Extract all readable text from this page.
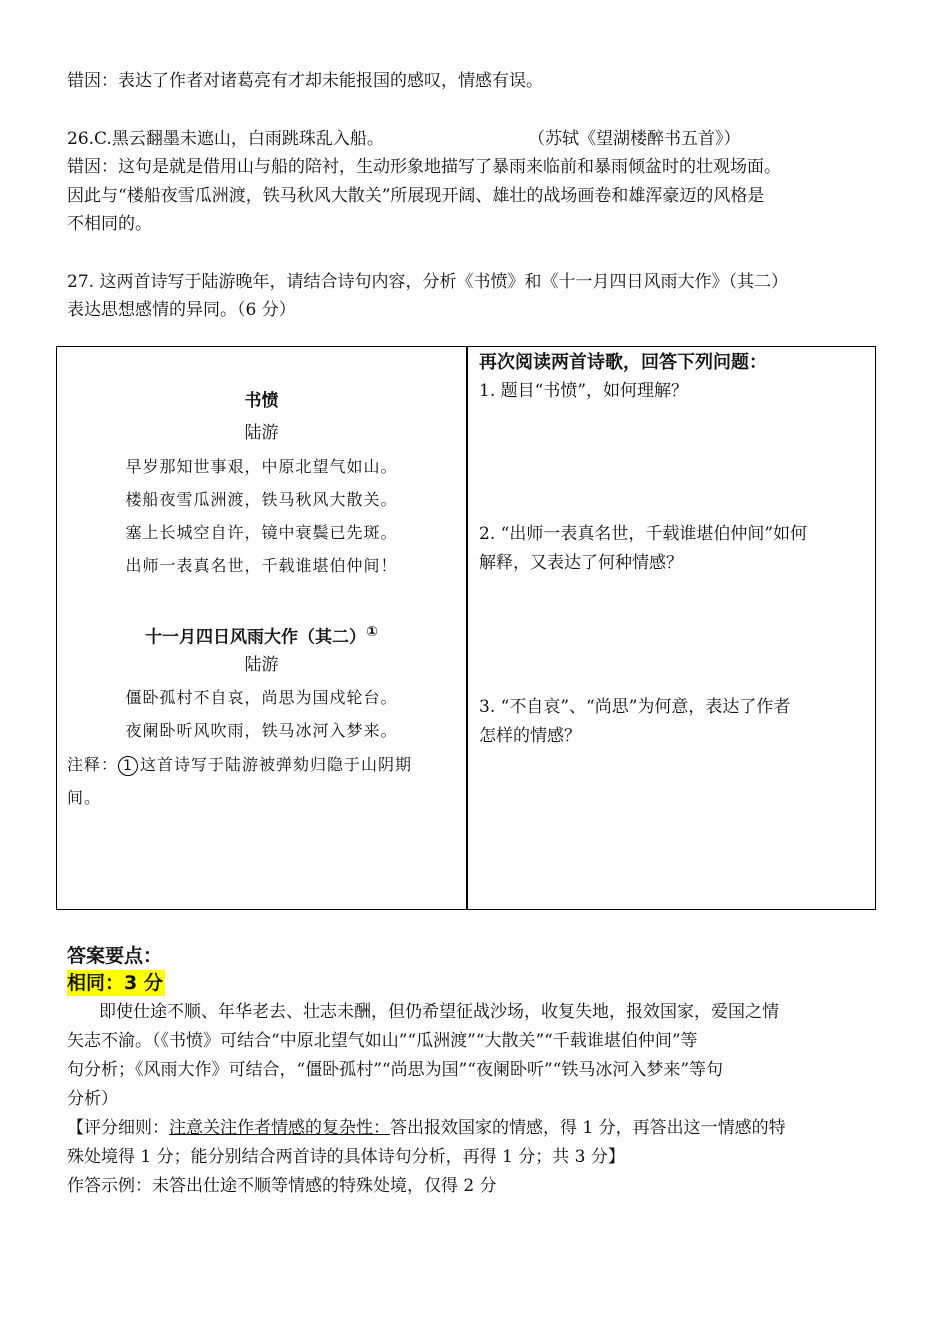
错因：表达了作者对诸葛亮有才却未能报国的感叹，情感有误。
26.C.黑云翻墨未遮山，白雨跳珠乱入船。	（苏轼《望湖楼醉书五首》）
错因：这句是就是借用山与船的陪衬，生动形象地描写了暴雨来临前和暴雨倾盆时的壮观场面。
因此与“楼船夜雪瓜洲渡，铁马秋风大散关”所展现开阔、雄壮的战场画卷和雄浑豪迈的风格是
不相同的。
27. 这两首诗写于陆游晚年，请结合诗句内容，分析《书愤》和《十一月四日风雨大作》（其二）
表达思想感情的异同。（6 分）
书愤
陆游
早岁那知世事艰，中原北望气如山。
楼船夜雪瓜洲渡，铁马秋风大散关。
塞上长城空自许，镜中衰鬓已先斑。
出师一表真名世，千载谁堪伯仲间！
十一月四日风雨大作（其二）①
陆游
僵卧孤村不自哀，尚思为国戍轮台。
夜阑卧听风吹雨，铁马冰河入梦来。
注释： 1 这首诗写于陆游被弹劾归隐于山阴期
间。
再次阅读两首诗歌，回答下列问题：
1. 题目“书愤”，如何理解？
2. “出师一表真名世，千载谁堪伯仲间”如何
解释，又表达了何种情感？
3. “不自哀”、“尚思”为何意，表达了作者
怎样的情感？
答案要点：
相同：3 分
即使仕途不顺、年华老去、壮志未酬，但仍希望征战沙场，收复失地，报效国家，爱国之情
矢志不渝。（《书愤》可结合“中原北望气如山”“瓜洲渡”“大散关”“千载谁堪伯仲间”等
句分析；《风雨大作》可结合，“僵卧孤村”“尚思为国”“夜阑卧听”“铁马冰河入梦来”等句
分析）
【评分细则：注意关注作者情感的复杂性：答出报效国家的情感，得 1 分，再答出这一情感的特
殊处境得 1 分；能分别结合两首诗的具体诗句分析，再得 1 分；共 3 分】
作答示例：未答出仕途不顺等情感的特殊处境，仅得 2 分
